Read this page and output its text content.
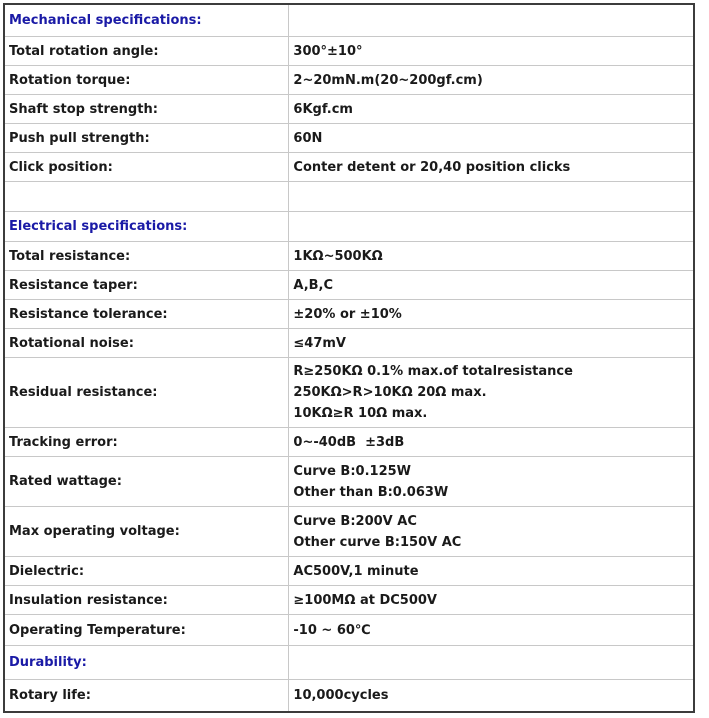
Mechanical specifications:	
Total rotation angle:	300°±10°
Rotation torque:	2~20mN.m(20~200gf.cm)
Shaft stop strength:	6Kgf.cm
Push pull strength:	60N
Click position:	Conter detent or 20,40 position clicks

Electrical specifications:	
Total resistance:	1KΩ~500KΩ
Resistance taper:	A,B,C
Resistance tolerance:	±20% or ±10%
Rotational noise:	≤47mV
Residual resistance:	R≥250KΩ 0.1% max.of totalresistance
250KΩ>R>10KΩ 20Ω max.
10KΩ≥R 10Ω max.

Tracking error:	0~-40dB  ±3dB
Rated wattage:	Curve B:0.125W
Other than B:0.063W

Max operating voltage:	Curve B:200V AC
Other curve B:150V AC

Dielectric:	AC500V,1 minute
Insulation resistance:	≥100MΩ at DC500V
Operating Temperature:	-10 ~ 60℃
Durability:	
Rotary life:	10,000cycles
